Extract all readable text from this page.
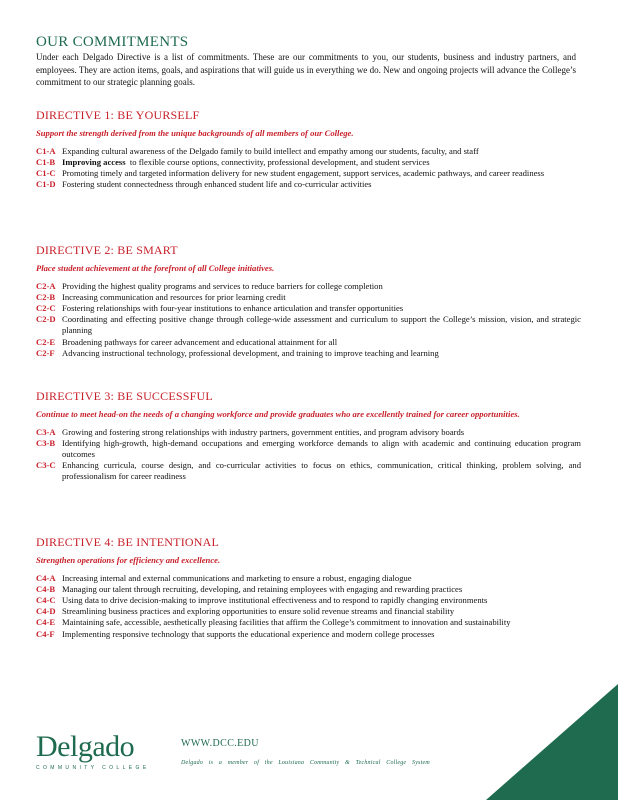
OUR COMMITMENTS

Under each Delgado Directive is a list of commitments. These are our commitments to you, our students, business and industry partners, and employees. They are action items, goals, and aspirations that will guide us in everything we do. New and ongoing projects will advance the College’s commitment to our strategic planning goals.

DIRECTIVE 1: BE YOURSELF

Support the strength derived from the unique backgrounds of all members of our College.

C1-A Expanding cultural awareness of the Delgado family to build intellect and empathy among our students, faculty, and staff
C1-B Improving access to flexible course options, connectivity, professional development, and student services
C1-C Promoting timely and targeted information delivery for new student engagement, support services, academic pathways, and career readiness
C1-D Fostering student connectedness through enhanced student life and co-curricular activities
DIRECTIVE 2: BE SMART

Place student achievement at the forefront of all College initiatives.

C2-A Providing the highest quality programs and services to reduce barriers for college completion
C2-B Increasing communication and resources for prior learning credit
C2-C Fostering relationships with four-year institutions to enhance articulation and transfer opportunities
C2-D Coordinating and effecting positive change through college-wide assessment and curriculum to support the College’s mission, vision, and strategic planning
C2-E Broadening pathways for career advancement and educational attainment for all
C2-F Advancing instructional technology, professional development, and training to improve teaching and learning
DIRECTIVE 3: BE SUCCESSFUL

Continue to meet head-on the needs of a changing workforce and provide graduates who are excellently trained for career opportunities.

C3-A Growing and fostering strong relationships with industry partners, government entities, and program advisory boards
C3-B Identifying high-growth, high-demand occupations and emerging workforce demands to align with academic and continuing education program outcomes
C3-C Enhancing curricula, course design, and co-curricular activities to focus on ethics, communication, critical thinking, problem solving, and professionalism for career readiness
DIRECTIVE 4: BE INTENTIONAL

Strengthen operations for efficiency and excellence.

C4-A Increasing internal and external communications and marketing to ensure a robust, engaging dialogue
C4-B Managing our talent through recruiting, developing, and retaining employees with engaging and rewarding practices
C4-C Using data to drive decision-making to improve institutional effectiveness and to respond to rapidly changing environments
C4-D Streamlining business practices and exploring opportunities to ensure solid revenue streams and financial stability
C4-E Maintaining safe, accessible, aesthetically pleasing facilities that affirm the College’s commitment to innovation and sustainability
C4-F Implementing responsive technology that supports the educational experience and modern college processes
Delgado
COMMUNITY COLLEGE
WWW.DCC.EDU
Delgado is a member of the Louisiana Community & Technical College System
